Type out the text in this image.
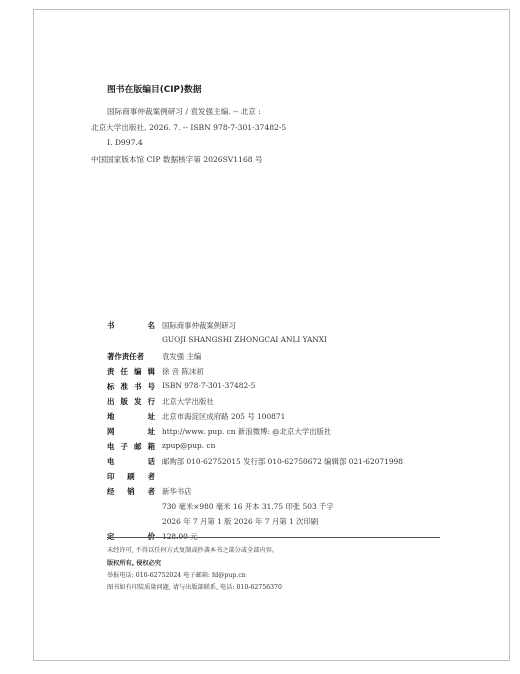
图书在版编目(CIP)数据
国际商事仲裁案例研习 / 袁发强主编. -- 北京 :
北京大学出版社, 2026. 7. -- ISBN 978-7-301-37482-5
Ⅰ. D997.4
中国国家版本馆 CIP 数据核字第 2026SV1168 号
书	名 国际商事仲裁案例研习
GUOJI SHANGSHI ZHONGCAI ANLI YANXI
著作责任者	袁发强 主编
责 任 编 辑 徐 音 陈沫初
标 准 书 号 ISBN 978-7-301-37482-5
出 版 发 行 北京大学出版社
地	址 北京市海淀区成府路 205 号 100871
网	址 http://www. pup. cn 新浪微博: @北京大学出版社
电 子 邮 箱 zpup@pup. cn
电	话 邮购部 010-62752015 发行部 010-62750672 编辑部 021-62071998
印 刷 者
经 销 者 新华书店
730 毫米×980 毫米 16 开本 31.75 印张 503 千字
2026 年 7 月第 1 版 2026 年 7 月第 1 次印刷
定	价 128.00 元
未经许可, 不得以任何方式复制或抄袭本书之部分或全部内容。
版权所有, 侵权必究
举报电话: 010-62752024 电子邮箱: fd@pup.cn
图书如有印装质量问题, 请与出版部联系, 电话: 010-62756370
